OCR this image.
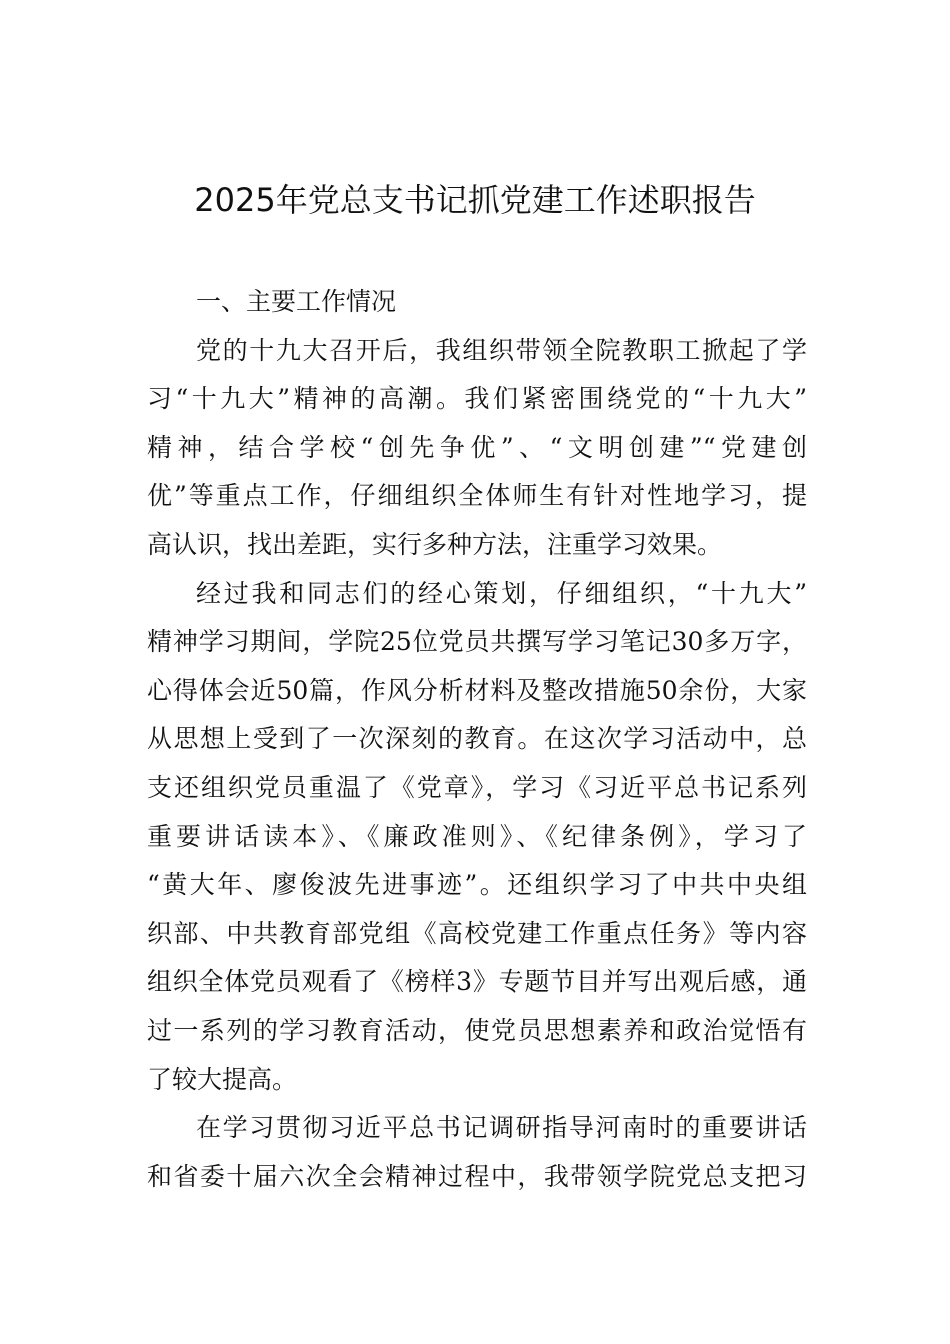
2025年党总支书记抓党建工作述职报告
一、主要工作情况
党的十九大召开后，我组织带领全院教职工掀起了学
习“十九大”精神的高潮。我们紧密围绕党的“十九大”
精神，结合学校“创先争优”、“文明创建”“党建创
优”等重点工作，仔细组织全体师生有针对性地学习，提
高认识，找出差距，实行多种方法，注重学习效果。
经过我和同志们的经心策划，仔细组织，“十九大”
精神学习期间，学院25位党员共撰写学习笔记30多万字，
心得体会近50篇，作风分析材料及整改措施50余份，大家
从思想上受到了一次深刻的教育。在这次学习活动中，总
支还组织党员重温了《党章》，学习《习近平总书记系列
重要讲话读本》、《廉政准则》、《纪律条例》，学习了
“黄大年、廖俊波先进事迹”。还组织学习了中共中央组
织部、中共教育部党组《高校党建工作重点任务》等内容
组织全体党员观看了《榜样3》专题节目并写出观后感，通
过一系列的学习教育活动，使党员思想素养和政治觉悟有
了较大提高。
在学习贯彻习近平总书记调研指导河南时的重要讲话
和省委十届六次全会精神过程中，我带领学院党总支把习
